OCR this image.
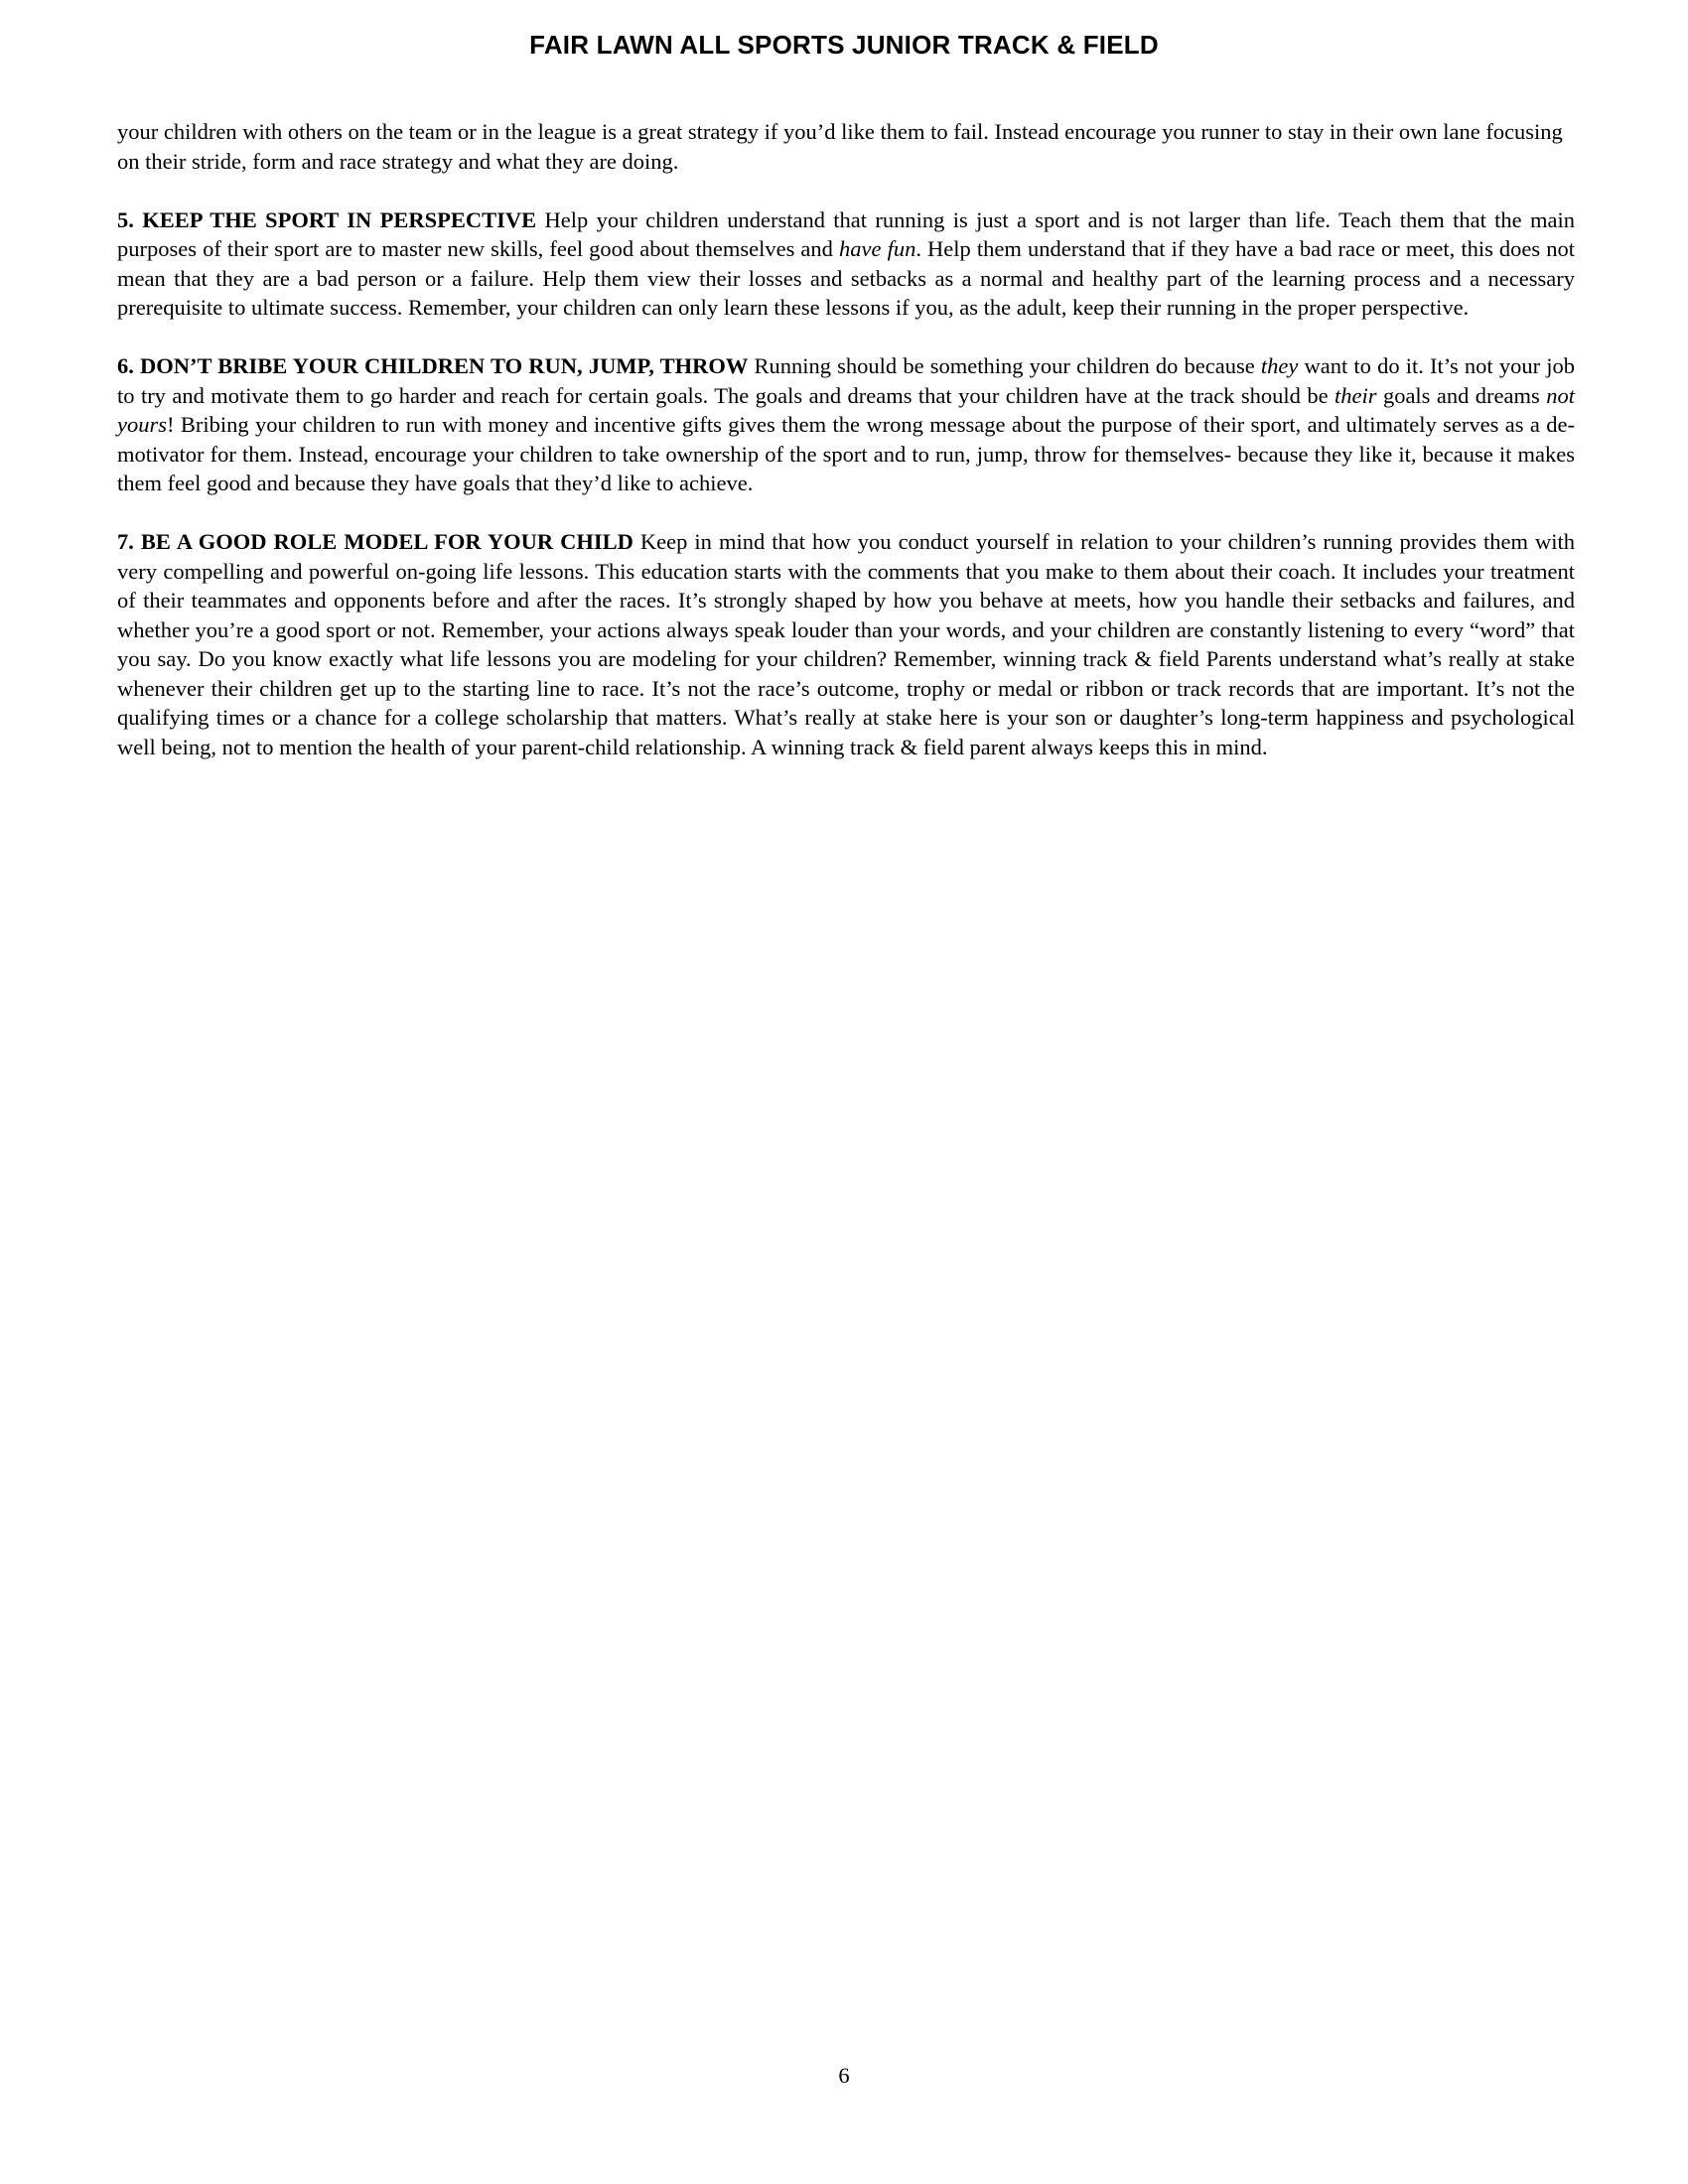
FAIR LAWN ALL SPORTS JUNIOR TRACK & FIELD

your children with others on the team or in the league is a great strategy if you’d like them to fail. Instead encourage you runner to stay in their own lane focusing

on their stride, form and race strategy and what they are doing.

5. KEEP THE SPORT IN PERSPECTIVE Help your children understand that running is just a sport and is not larger than life. Teach them that the main purposes of their sport are to master new skills, feel good about themselves and have fun. Help them understand that if they have a bad race or meet, this does not mean that they are a bad person or a failure. Help them view their losses and setbacks as a normal and healthy part of the learning process and a necessary prerequisite to ultimate success. Remember, your children can only learn these lessons if you, as the adult, keep their running in the proper perspective.

6. DON’T BRIBE YOUR CHILDREN TO RUN, JUMP, THROW Running should be something your children do because they want to do it. It’s not your job to try and motivate them to go harder and reach for certain goals. The goals and dreams that your children have at the track should be their goals and dreams not yours! Bribing your children to run with money and incentive gifts gives them the wrong message about the purpose of their sport, and ultimately serves as a de-motivator for them. Instead, encourage your children to take ownership of the sport and to run, jump, throw for themselves- because they like it, because it makes them feel good and because they have goals that they’d like to achieve.

7. BE A GOOD ROLE MODEL FOR YOUR CHILD Keep in mind that how you conduct yourself in relation to your children’s running provides them with very compelling and powerful on-going life lessons. This education starts with the comments that you make to them about their coach. It includes your treatment of their teammates and opponents before and after the races. It’s strongly shaped by how you behave at meets, how you handle their setbacks and failures, and whether you’re a good sport or not. Remember, your actions always speak louder than your words, and your children are constantly listening to every “word” that you say. Do you know exactly what life lessons you are modeling for your children? Remember, winning track & field Parents understand what’s really at stake whenever their children get up to the starting line to race. It’s not the race’s outcome, trophy or medal or ribbon or track records that are important. It’s not the qualifying times or a chance for a college scholarship that matters. What’s really at stake here is your son or daughter’s long-term happiness and psychological well being, not to mention the health of your parent-child relationship. A winning track & field parent always keeps this in mind.

6
